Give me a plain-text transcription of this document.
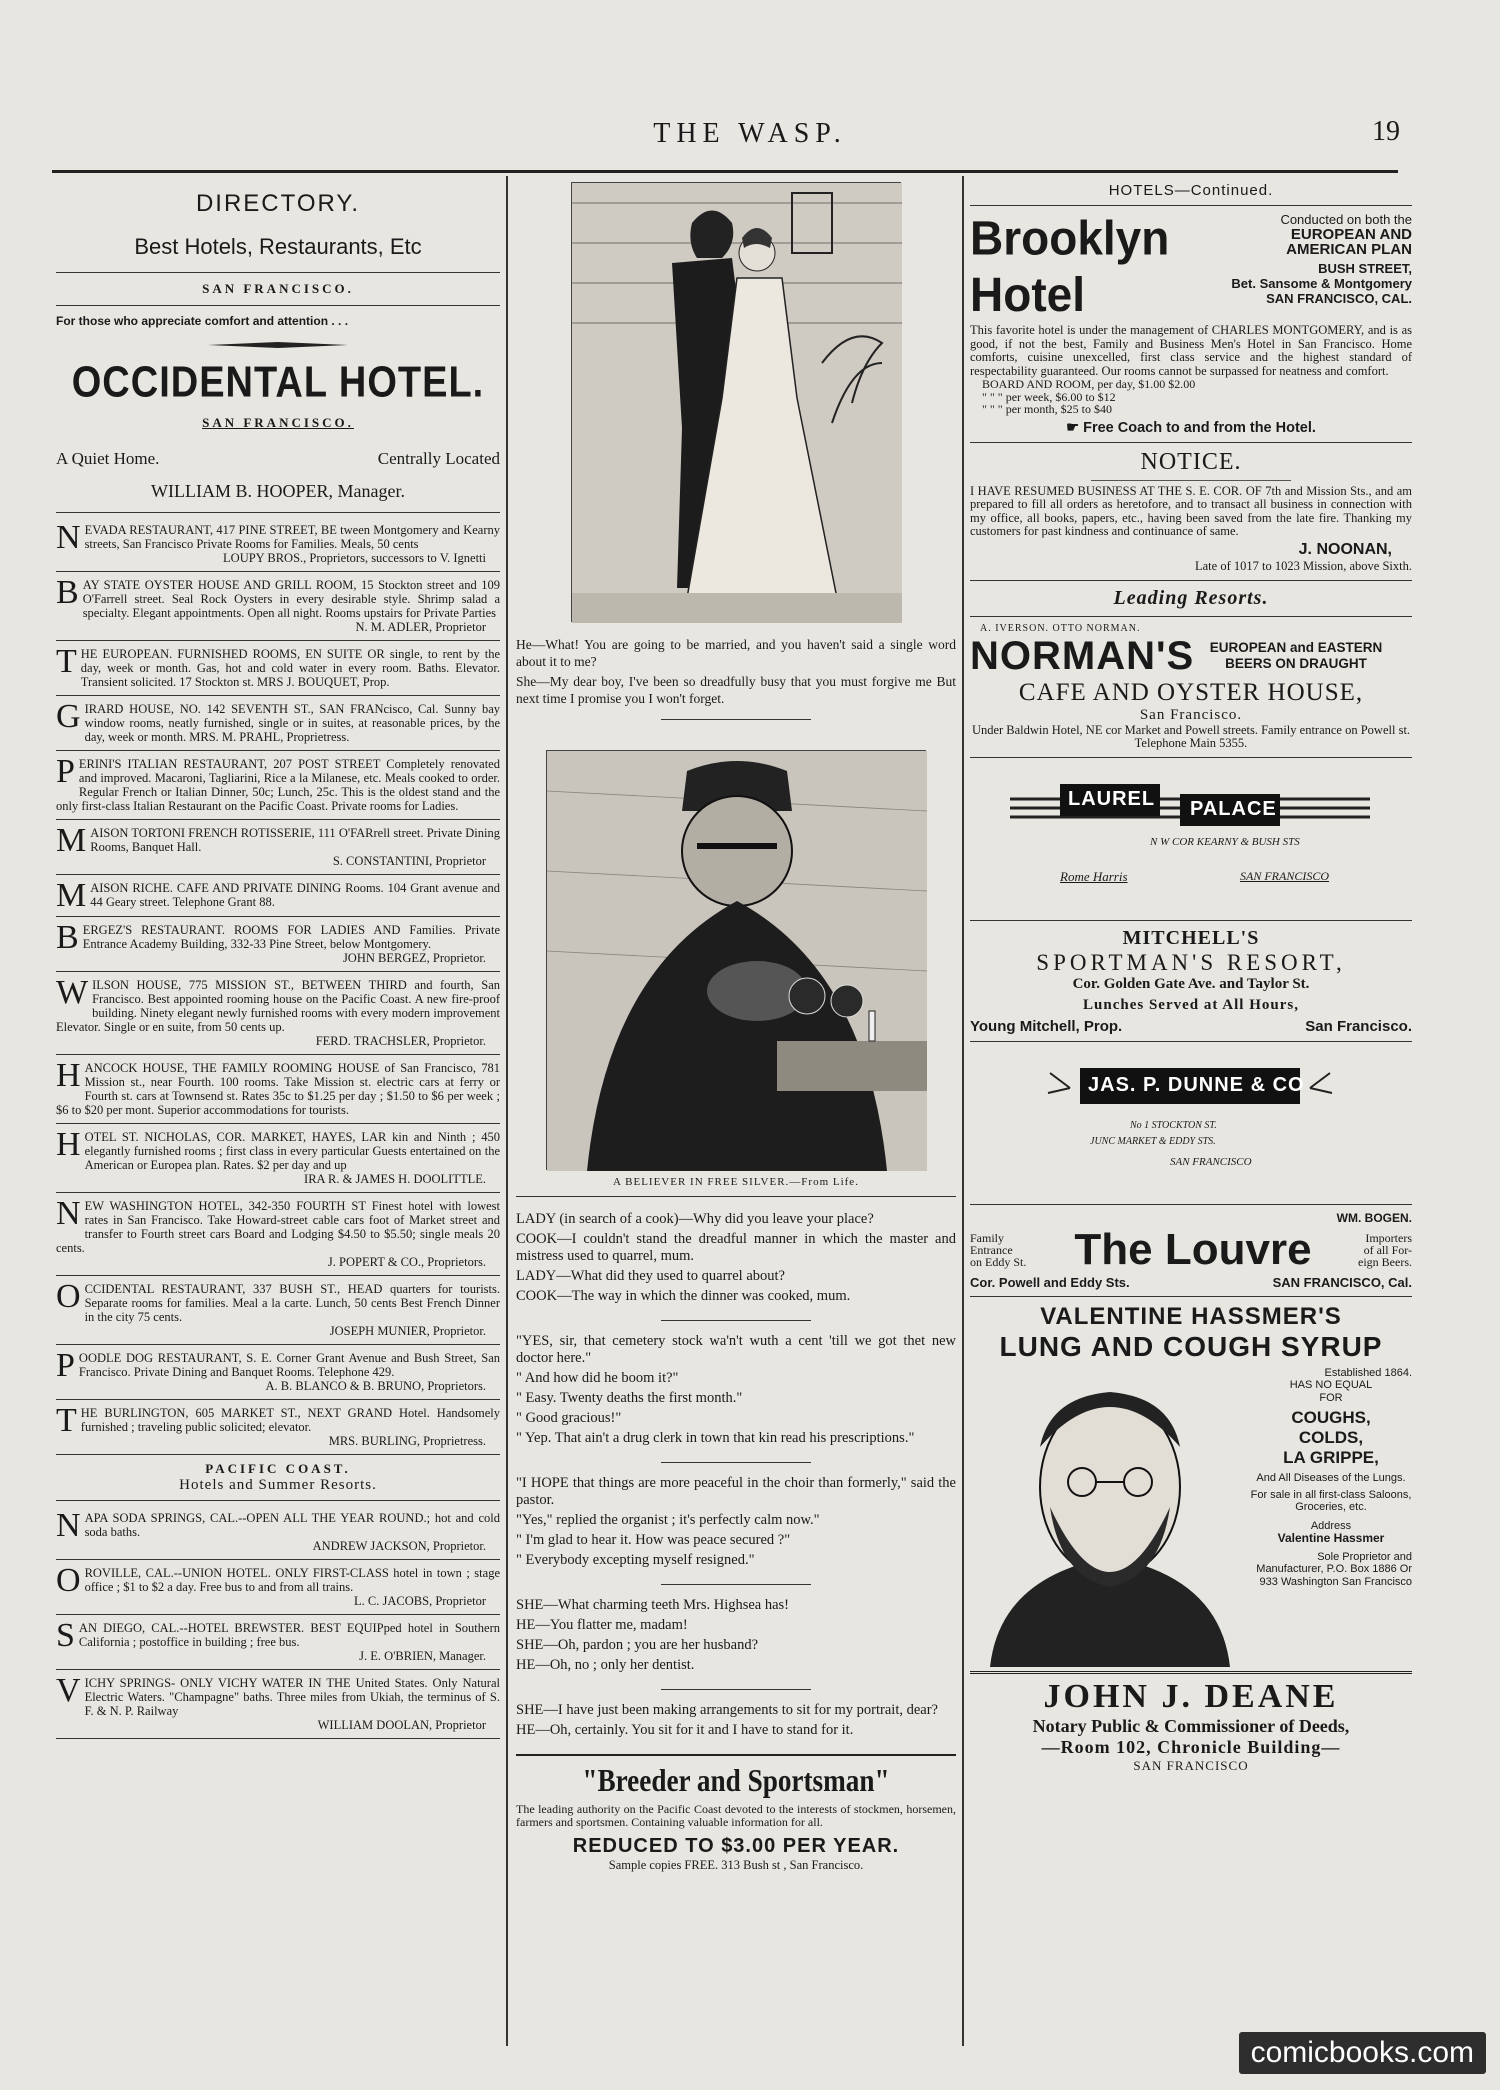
THE WASP.	19
DIRECTORY.
Best Hotels, Restaurants, Etc
SAN FRANCISCO.
For those who appreciate comfort and attention . . .
OCCIDENTAL HOTEL.
SAN FRANCISCO.
A Quiet Home.	Centrally Located
WILLIAM B. HOOPER, Manager.
NEVADA RESTAURANT, 417 PINE STREET, BE tween Montgomery and Kearny streets, San Francisco Private Rooms for Families. Meals, 50 cents
LOUPY BROS., Proprietors, successors to V. Ignetti
BAY STATE OYSTER HOUSE AND GRILL ROOM, 15 Stockton street and 109 O'Farrell street. Seal Rock Oysters in every desirable style. Shrimp salad a specialty. Elegant appointments. Open all night. Rooms upstairs for Private Parties
N. M. ADLER, Proprietor
THE EUROPEAN. FURNISHED ROOMS, EN SUITE OR single, to rent by the day, week or month. Gas, hot and cold water in every room. Baths. Elevator. Transient solicited. 17 Stockton st. MRS J. BOUQUET, Prop.
GIRARD HOUSE, NO. 142 SEVENTH ST., SAN FRANcisco, Cal. Sunny bay window rooms, neatly furnished, single or in suites, at reasonable prices, by the day, week or month. MRS. M. PRAHL, Proprietress.
PERINI'S ITALIAN RESTAURANT, 207 POST STREET Completely renovated and improved. Macaroni, Tagliarini, Rice a la Milanese, etc. Meals cooked to order. Regular French or Italian Dinner, 50c; Lunch, 25c. This is the oldest stand and the only first-class Italian Restaurant on the Pacific Coast. Private rooms for Ladies.
MAISON TORTONI FRENCH ROTISSERIE, 111 O'FARrell street. Private Dining Rooms, Banquet Hall.
S. CONSTANTINI, Proprietor
MAISON RICHE. CAFE AND PRIVATE DINING Rooms. 104 Grant avenue and 44 Geary street. Telephone Grant 88.
BERGEZ'S RESTAURANT. ROOMS FOR LADIES AND Families. Private Entrance Academy Building, 332-33 Pine Street, below Montgomery.
JOHN BERGEZ, Proprietor.
WILSON HOUSE, 775 MISSION ST., BETWEEN THIRD and fourth, San Francisco. Best appointed rooming house on the Pacific Coast. A new fire-proof building. Ninety elegant newly furnished rooms with every modern improvement Elevator. Single or en suite, from 50 cents up.
FERD. TRACHSLER, Proprietor.
HANCOCK HOUSE, THE FAMILY ROOMING HOUSE of San Francisco, 781 Mission st., near Fourth. 100 rooms. Take Mission st. electric cars at ferry or Fourth st. cars at Townsend st. Rates 35c to $1.25 per day ; $1.50 to $6 per week ; $6 to $20 per mont. Superior accommodations for tourists.
HOTEL ST. NICHOLAS, COR. MARKET, HAYES, LAR kin and Ninth ; 450 elegantly furnished rooms ; first class in every particular Guests entertained on the American or Europea plan. Rates. $2 per day and up
IRA R. & JAMES H. DOOLITTLE.
NEW WASHINGTON HOTEL, 342-350 FOURTH ST Finest hotel with lowest rates in San Francisco. Take Howard-street cable cars foot of Market street and transfer to Fourth street cars Board and Lodging $4.50 to $5.50; single meals 20 cents.
J. POPERT & CO., Proprietors.
OCCIDENTAL RESTAURANT, 337 BUSH ST., HEAD quarters for tourists. Separate rooms for families. Meal a la carte. Lunch, 50 cents Best French Dinner in the city 75 cents.
JOSEPH MUNIER, Proprietor.
POODLE DOG RESTAURANT, S. E. Corner Grant Avenue and Bush Street, San Francisco. Private Dining and Banquet Rooms. Telephone 429.
A. B. BLANCO & B. BRUNO, Proprietors.
THE BURLINGTON, 605 MARKET ST., NEXT GRAND Hotel. Handsomely furnished ; traveling public solicited; elevator.
MRS. BURLING, Proprietress.
PACIFIC COAST.
Hotels and Summer Resorts.
NAPA SODA SPRINGS, CAL.--OPEN ALL THE YEAR ROUND.; hot and cold soda baths.
ANDREW JACKSON, Proprietor.
OROVILLE, CAL.--UNION HOTEL. ONLY FIRST-CLASS hotel in town ; stage office ; $1 to $2 a day. Free bus to and from all trains.
L. C. JACOBS, Proprietor
SAN DIEGO, CAL.--HOTEL BREWSTER. BEST EQUIPped hotel in Southern California ; postoffice in building ; free bus.
J. E. O'BRIEN, Manager.
VICHY SPRINGS- ONLY VICHY WATER IN THE United States. Only Natural Electric Waters. "Champagne" baths. Three miles from Ukiah, the terminus of S. F. & N. P. Railway
WILLIAM DOOLAN, Proprietor

He—What! You are going to be married, and you haven't said a single word about it to me?

She—My dear boy, I've been so dreadfully busy that you must forgive me But next time I promise you I won't forget.

A BELIEVER IN FREE SILVER.—From Life.

LADY (in search of a cook)—Why did you leave your place?

COOK—I couldn't stand the dreadful manner in which the master and mistress used to quarrel, mum.

LADY—What did they used to quarrel about?

COOK—The way in which the dinner was cooked, mum.

"YES, sir, that cemetery stock wa'n't wuth a cent 'till we got thet new doctor here."

" And how did he boom it?"

" Easy. Twenty deaths the first month."

" Good gracious!"

" Yep. That ain't a drug clerk in town that kin read his prescriptions."

"I HOPE that things are more peaceful in the choir than formerly," said the pastor.

"Yes," replied the organist ; it's perfectly calm now."

" I'm glad to hear it. How was peace secured ?"

" Everybody excepting myself resigned."

SHE—What charming teeth Mrs. Highsea has!

HE—You flatter me, madam!

SHE—Oh, pardon ; you are her husband?

HE—Oh, no ; only her dentist.

SHE—I have just been making arrangements to sit for my portrait, dear?

HE—Oh, certainly. You sit for it and I have to stand for it.

"Breeder and Sportsman"
The leading authority on the Pacific Coast devoted to the interests of stockmen, horsemen, farmers and sportsmen. Containing valuable information for all.
REDUCED TO $3.00 PER YEAR.
Sample copies FREE. 313 Bush st , San Francisco.
HOTELS—Continued.
Brooklyn
Hotel
Conducted on both the
EUROPEAN AND
AMERICAN PLAN
BUSH STREET,
Bet. Sansome & Montgomery
SAN FRANCISCO, CAL.
This favorite hotel is under the management of CHARLES MONTGOMERY, and is as good, if not the best, Family and Business Men's Hotel in San Francisco. Home comforts, cuisine unexcelled, first class service and the highest standard of respectability guaranteed. Our rooms cannot be surpassed for neatness and comfort.
BOARD AND ROOM, per day, $1.00 $2.00
" " " per week, $6.00 to $12
" " " per month, $25 to $40
☛ Free Coach to and from the Hotel.
NOTICE.
I HAVE RESUMED BUSINESS AT THE S. E. COR. OF 7th and Mission Sts., and am prepared to fill all orders as heretofore, and to transact all business in connection with my office, all books, papers, etc., having been saved from the late fire. Thanking my customers for past kindness and continuance of same.
J. NOONAN,
Late of 1017 to 1023 Mission, above Sixth.
Leading Resorts.
A. IVERSON. OTTO NORMAN.
NORMAN'S	EUROPEAN and EASTERN
BEERS ON DRAUGHT
CAFE AND OYSTER HOUSE,
San Francisco.
Under Baldwin Hotel, NE cor Market and Powell streets. Family entrance on Powell st. Telephone Main 5355.
LAUREL PALACE
N W COR KEARNY & BUSH STS
Rome Harris	SAN FRANCISCO
MITCHELL'S
SPORTMAN'S RESORT,
Cor. Golden Gate Ave. and Taylor St.
Lunches Served at All Hours,
Young Mitchell, Prop.	San Francisco.
JAS. P. DUNNE & CO
No 1 STOCKTON ST.
JUNC MARKET & EDDY STS.
SAN FRANCISCO
WM. BOGEN.
Family
Entrance
on Eddy St.	The Louvre	Importers
of all For-
eign Beers.
Cor. Powell and Eddy Sts.	SAN FRANCISCO, Cal.
VALENTINE HASSMER'S
LUNG AND COUGH SYRUP
Established 1864.
HAS NO EQUAL
FOR
COUGHS,
COLDS,
LA GRIPPE,
And All Diseases of the Lungs.
For sale in all first-class Saloons, Groceries, etc.
Address
Valentine Hassmer
Sole Proprietor and Manufacturer, P.O. Box 1886 Or 933 Washington San Francisco
JOHN J. DEANE
Notary Public & Commissioner of Deeds,
—Room 102, Chronicle Building—
SAN FRANCISCO
comicbooks.com
